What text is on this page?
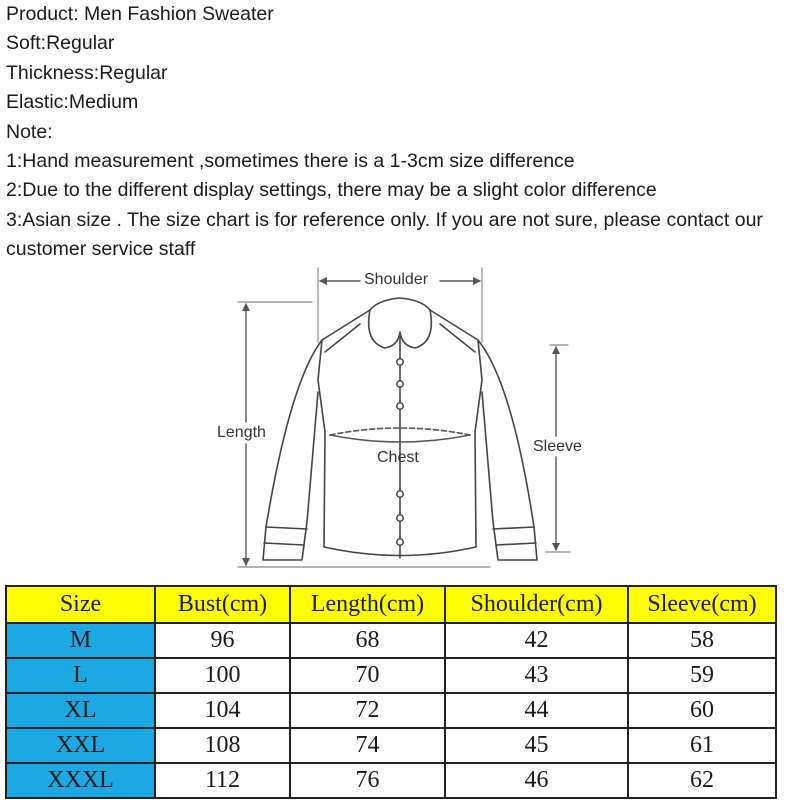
Product: Men Fashion Sweater
Soft:Regular
Thickness:Regular
Elastic:Medium
Note:
1:Hand measurement ,sometimes there is a 1-3cm size difference
2:Due to the different display settings, there may be a slight color difference
3:Asian size . The size chart is for reference only. If you are not sure, please contact our customer service staff
Shoulder
Length
Chest
Sleeve
Size	Bust(cm)	Length(cm)	Shoulder(cm)	Sleeve(cm)
M	96	68	42	58
L	100	70	43	59
XL	104	72	44	60
XXL	108	74	45	61
XXXL	112	76	46	62
